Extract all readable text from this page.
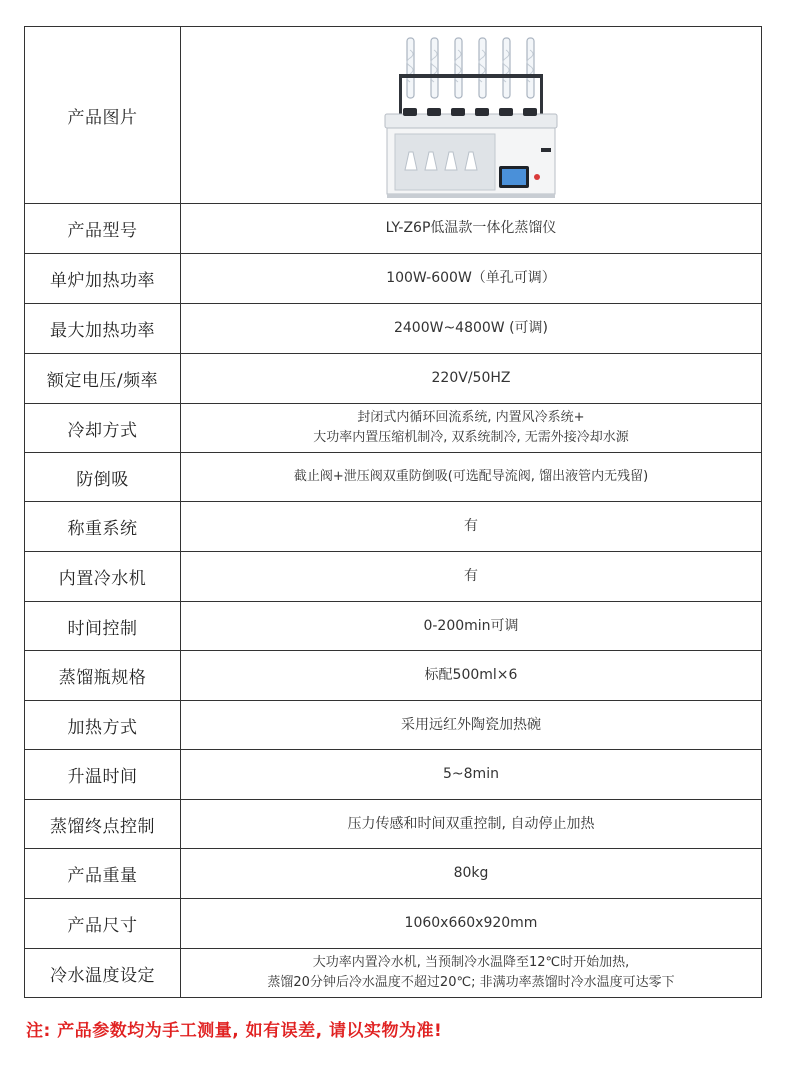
产品图片	

产品型号	LY-Z6P低温款一体化蒸馏仪

单炉加热功率	100W-600W（单孔可调）

最大加热功率	2400W~4800W (可调)

额定电压/频率	220V/50HZ

冷却方式	封闭式内循环回流系统, 内置风冷系统+
大功率内置压缩机制冷, 双系统制冷, 无需外接冷却水源

防倒吸	截止阀+泄压阀双重防倒吸(可选配导流阀, 馏出液管内无残留)

称重系统	有

内置冷水机	有

时间控制	0-200min可调

蒸馏瓶规格	标配500ml×6

加热方式	采用远红外陶瓷加热碗

升温时间	5~8min

蒸馏终点控制	压力传感和时间双重控制, 自动停止加热

产品重量	80kg

产品尺寸	1060x660x920mm

冷水温度设定	大功率内置冷水机, 当预制冷水温降至12℃时开始加热,
蒸馏20分钟后冷水温度不超过20℃; 非满功率蒸馏时冷水温度可达零下
注: 产品参数均为手工测量, 如有误差, 请以实物为准!
